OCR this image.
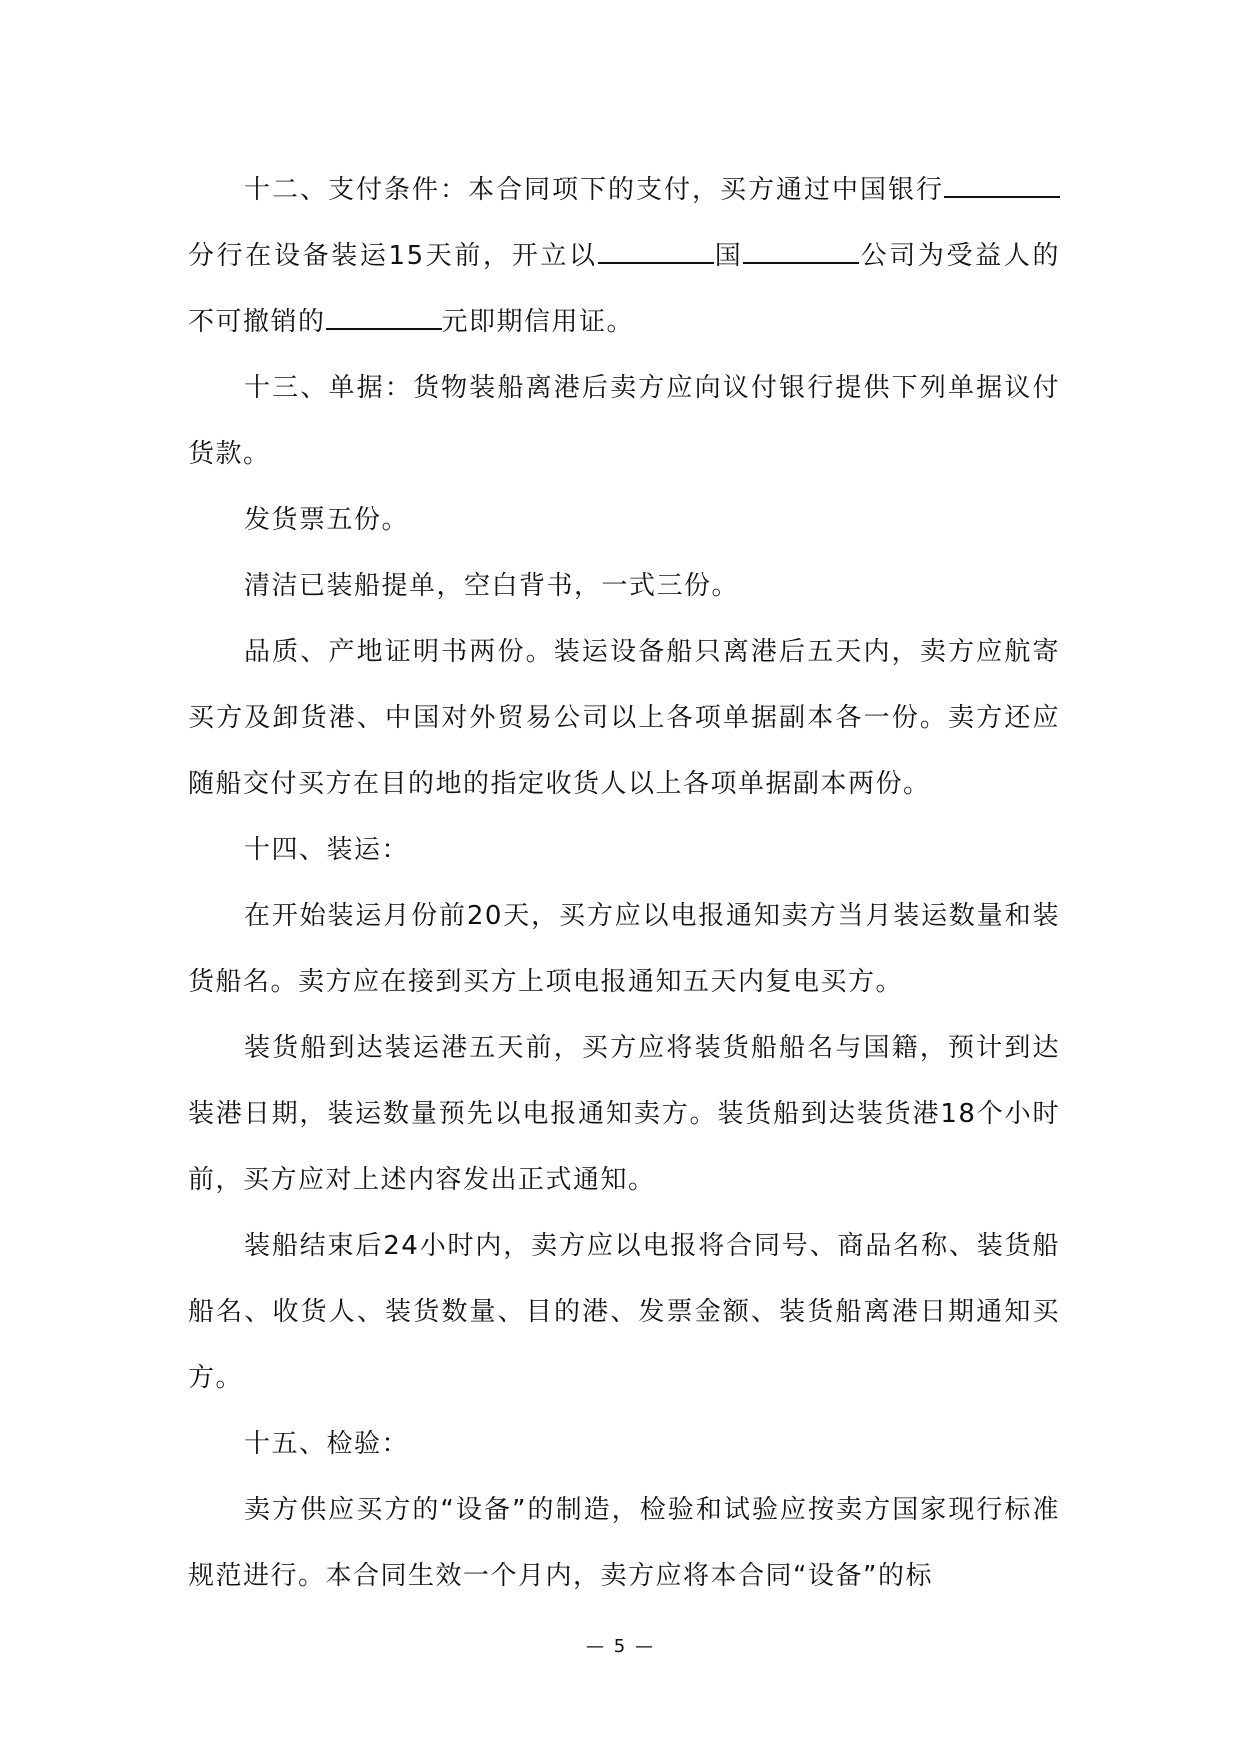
十二、支付条件：本合同项下的支付，买方通过中国银行分行在设备装运15天前，开立以	国	公司为受益人的不可撤销的	元即期信用证。

十三、单据：货物装船离港后卖方应向议付银行提供下列单据议付货款。

发货票五份。

清洁已装船提单，空白背书，一式三份。

品质、产地证明书两份。装运设备船只离港后五天内，卖方应航寄买方及卸货港、中国对外贸易公司以上各项单据副本各一份。卖方还应随船交付买方在目的地的指定收货人以上各项单据副本两份。

十四、装运：

在开始装运月份前20天，买方应以电报通知卖方当月装运数量和装货船名。卖方应在接到买方上项电报通知五天内复电买方。

装货船到达装运港五天前，买方应将装货船船名与国籍，预计到达装港日期，装运数量预先以电报通知卖方。装货船到达装货港18个小时前，买方应对上述内容发出正式通知。

装船结束后24小时内，卖方应以电报将合同号、商品名称、装货船船名、收货人、装货数量、目的港、发票金额、装货船离港日期通知买方。

十五、检验：

卖方供应买方的“设备”的制造，检验和试验应按卖方国家现行标准规范进行。本合同生效一个月内，卖方应将本合同“设备”的标

— 5 —
